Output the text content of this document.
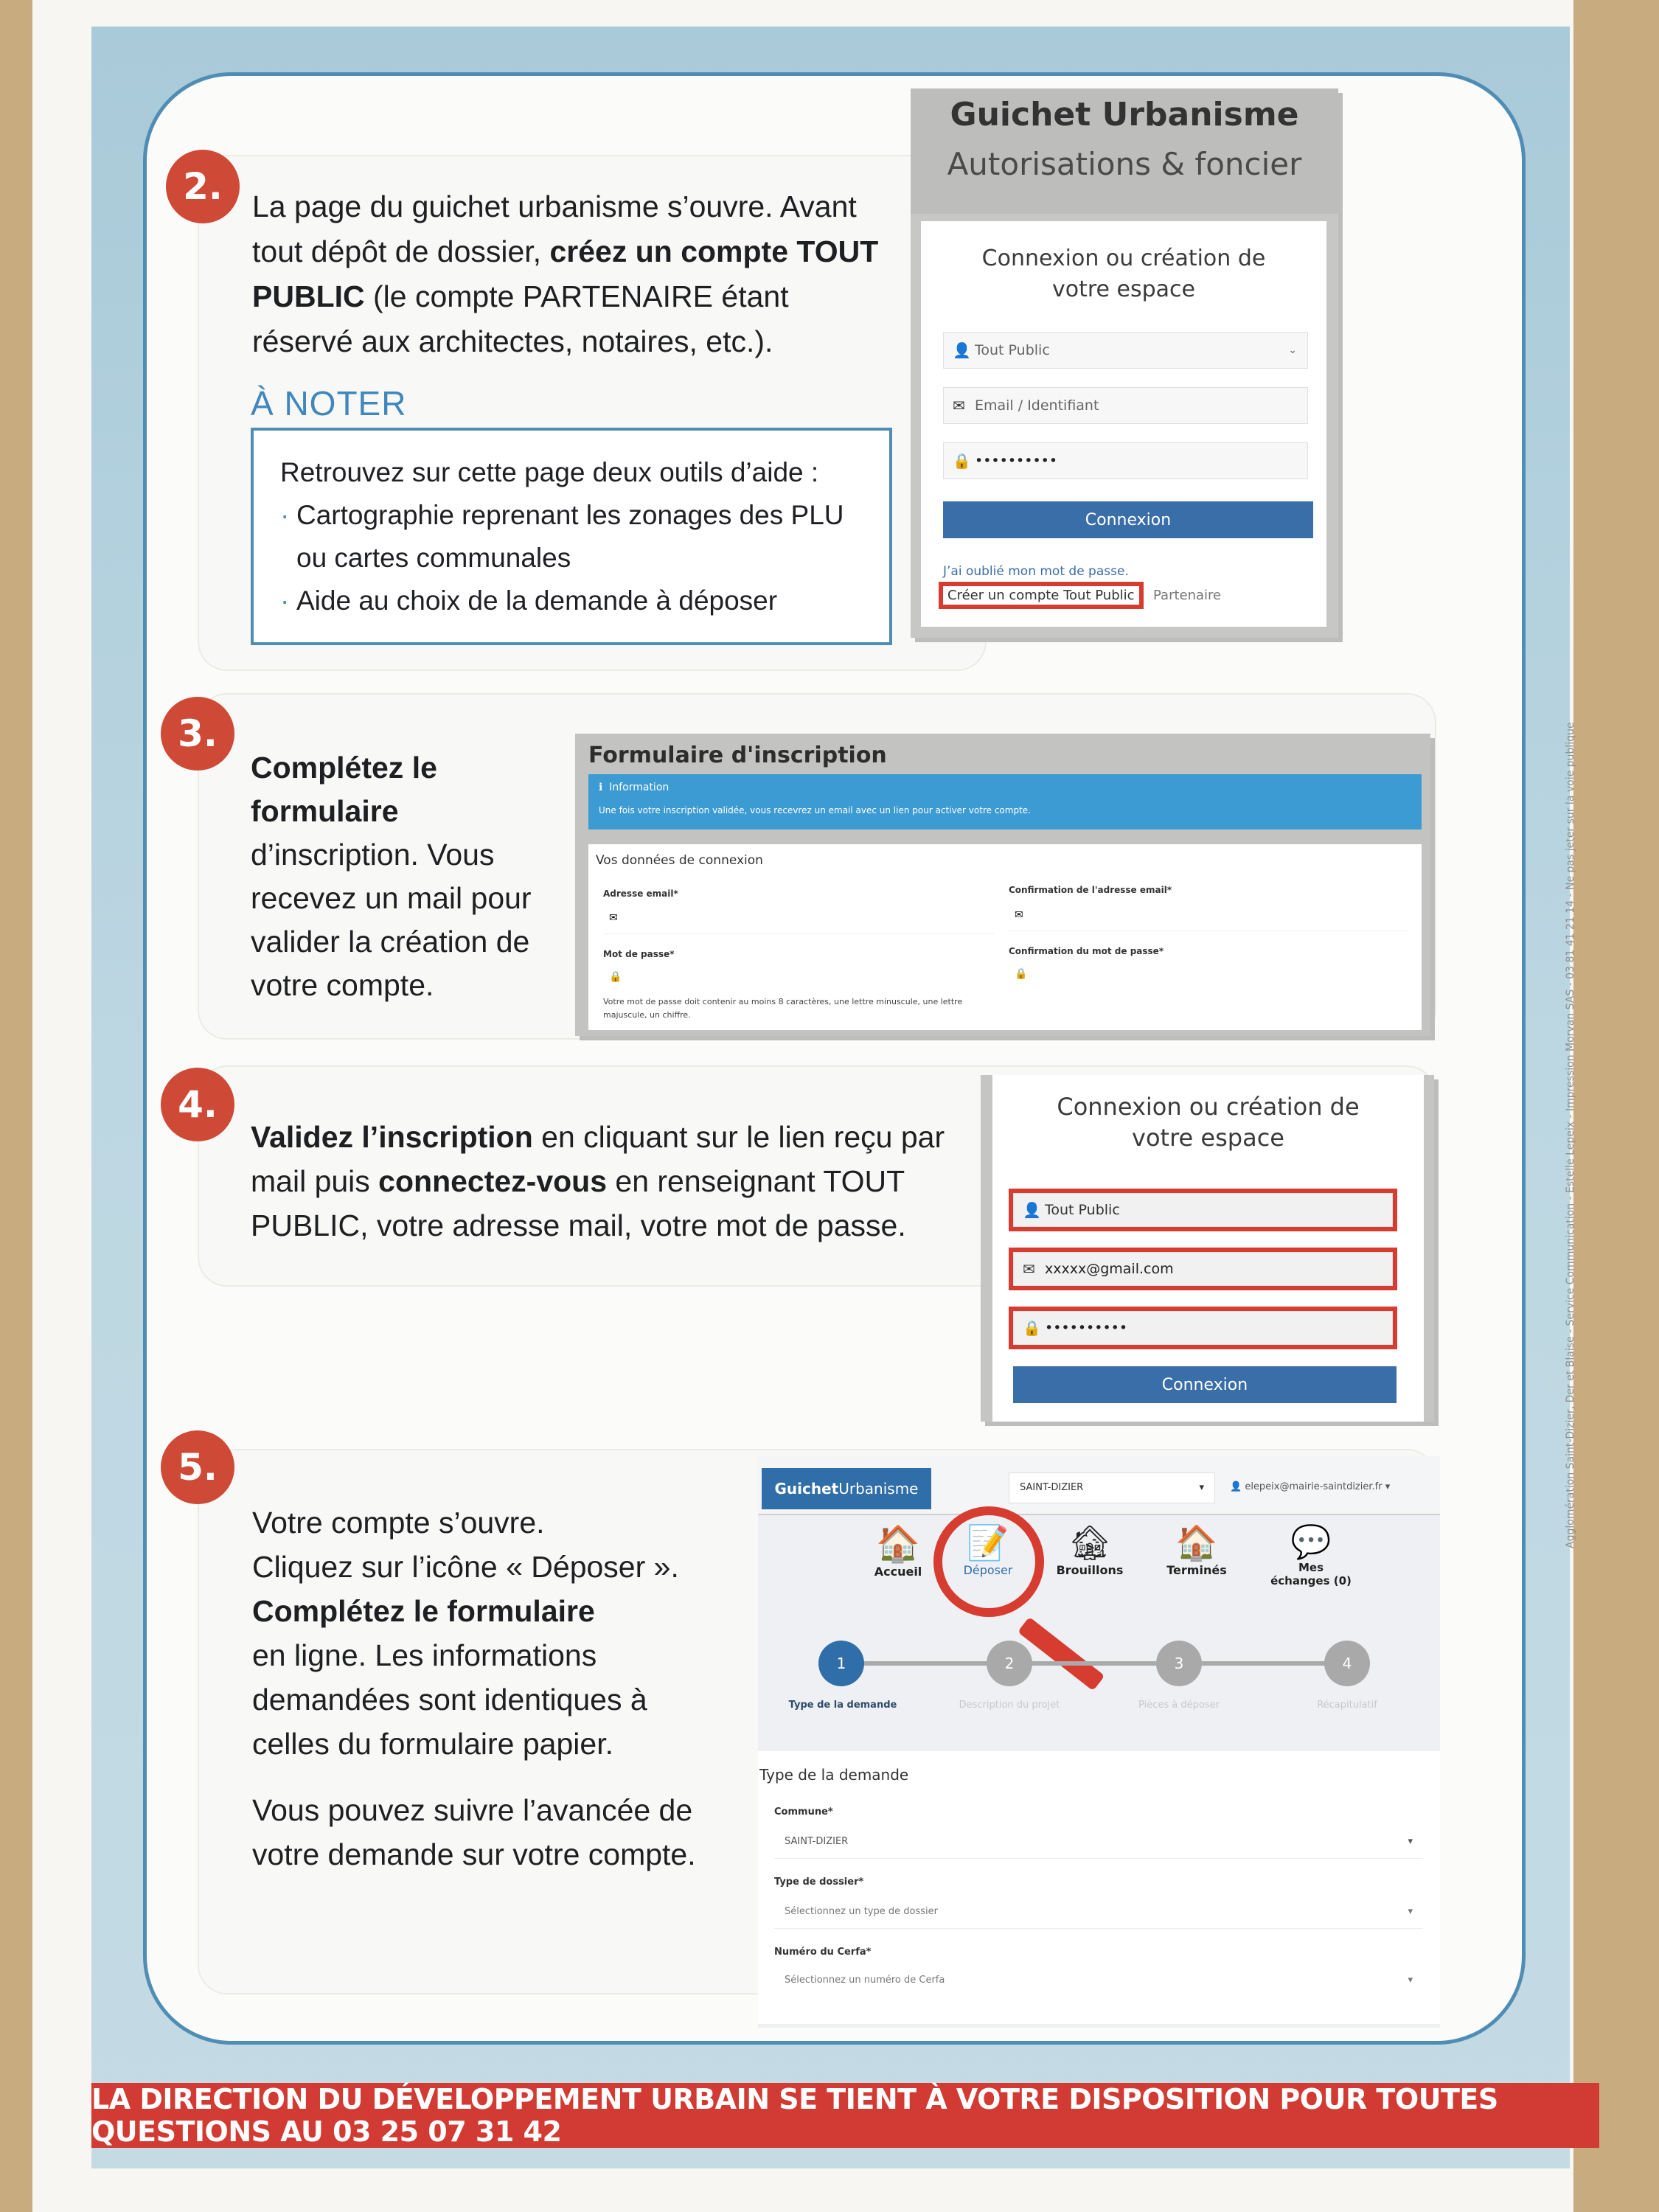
Agglomération Saint-Dizier, Der et Blaise - Service Communication - Estelle Lepeix - Impression Morvan SAS - 03 81 41 21 14 - Ne pas jeter sur la voie publique
LA DIRECTION DU DÉVELOPPEMENT URBAIN SE TIENT À VOTRE DISPOSITION POUR TOUTES QUESTIONS AU 03 25 07 31 42
2. La page du guichet urbanisme s’ouvre. Avant tout dépôt de dossier, créez un compte TOUT PUBLIC (le compte PARTENAIRE étant réservé aux architectes, notaires, etc.).
À NOTER
Retrouvez sur cette page deux outils d’aide :
· Cartographie reprenant les zonages des PLU ou cartes communales
· Aide au choix de la demande à déposer
Guichet Urbanisme
Autorisations & foncier
Connexion ou création de votre espace
👤 Tout Public	⌄
✉ Email / Identifiant
🔒 ••••••••••
Connexion
J’ai oublié mon mot de passe.
Créer un compte Tout Public	Partenaire
3.
Complétez le formulaire d’inscription. Vous recevez un mail pour valider la création de votre compte.
Formulaire d'inscription
ℹ  Information
Une fois votre inscription validée, vous recevrez un email avec un lien pour activer votre compte.
Vos données de connexion
Adresse email*
✉
Confirmation de l'adresse email*
✉
Mot de passe*
🔒
Confirmation du mot de passe*
🔒
Votre mot de passe doit contenir au moins 8 caractères, une lettre minuscule, une lettre majuscule, un chiffre.
4.
Validez l’inscription en cliquant sur le lien reçu par mail puis connectez-vous en renseignant TOUT PUBLIC, votre adresse mail, votre mot de passe.
Connexion ou création de votre espace
👤 Tout Public
✉ xxxxx@gmail.com
🔒 ••••••••••
Connexion
5.
Votre compte s’ouvre.
Cliquez sur l’icône « Déposer ».
Complétez le formulaire
en ligne. Les informations demandées sont identiques à celles du formulaire papier.
Vous pouvez suivre l’avancée de votre demande sur votre compte.
Guichet Urbanisme	SAINT-DIZIER	▾	👤 elepeix@mairie-saintdizier.fr ▾
🏠
Accueil
📝
Déposer
🏚
Brouillons
🏠
Terminés
💬
Mes échanges (0)
1	2	3	4
Type de la demande	Description du projet	Pièces à déposer	Récapitulatif
Type de la demande
Commune*
SAINT-DIZIER	▾
Type de dossier*
Sélectionnez un type de dossier	▾
Numéro du Cerfa*
Sélectionnez un numéro de Cerfa	▾
